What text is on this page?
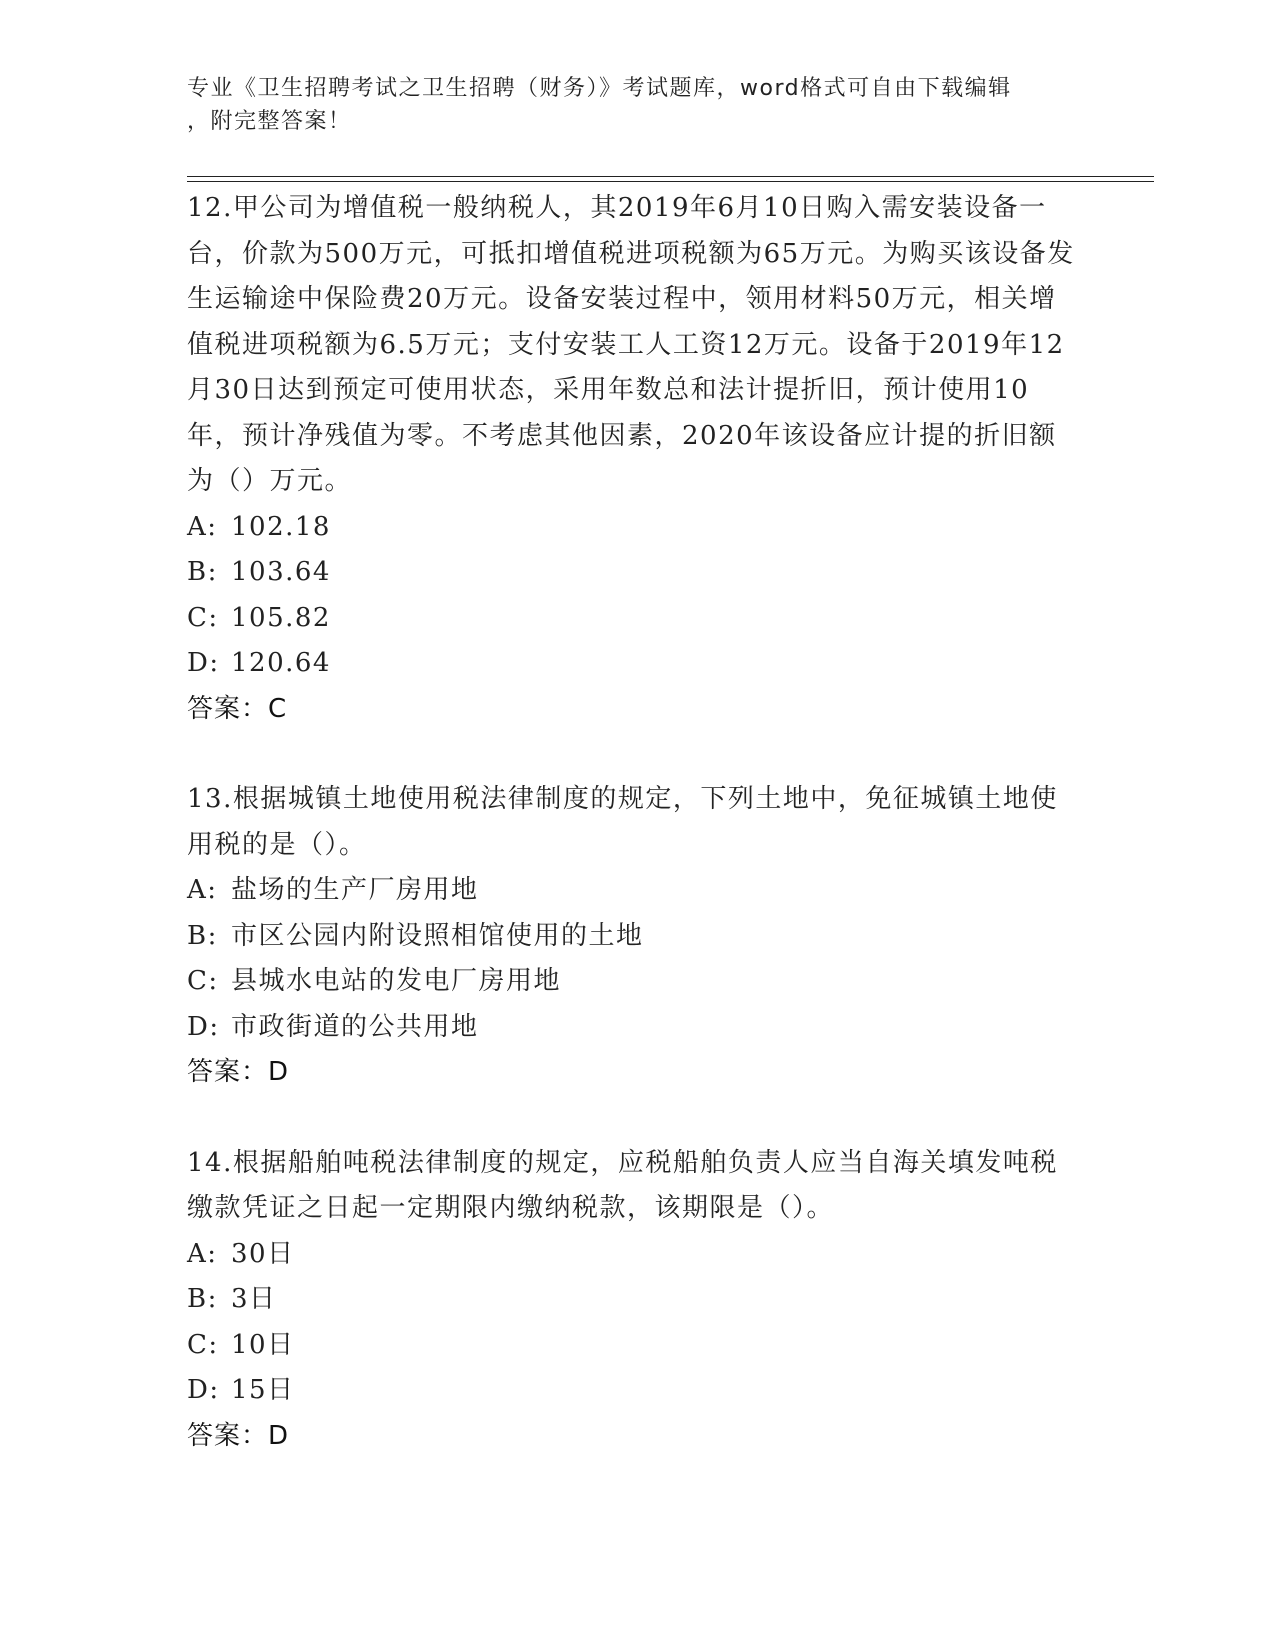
专业《卫生招聘考试之卫生招聘（财务）》考试题库，word格式可自由下载编辑
，附完整答案！
12.甲公司为增值税一般纳税人，其2019年6月10日购入需安装设备一台，价款为500万元，可抵扣增值税进项税额为65万元。为购买该设备发生运输途中保险费20万元。设备安装过程中，领用材料50万元，相关增值税进项税额为6.5万元；支付安装工人工资12万元。设备于2019年12月30日达到预定可使用状态，采用年数总和法计提折旧，预计使用10年，预计净残值为零。不考虑其他因素，2020年该设备应计提的折旧额为（）万元。
A: 102.18
B: 103.64
C: 105.82
D: 120.64
答案：C
13.根据城镇土地使用税法律制度的规定，下列土地中，免征城镇土地使用税的是（）。
A: 盐场的生产厂房用地
B: 市区公园内附设照相馆使用的土地
C: 县城水电站的发电厂房用地
D: 市政街道的公共用地
答案：D
14.根据船舶吨税法律制度的规定，应税船舶负责人应当自海关填发吨税缴款凭证之日起一定期限内缴纳税款，该期限是（）。
A: 30日
B: 3日
C: 10日
D: 15日
答案：D
